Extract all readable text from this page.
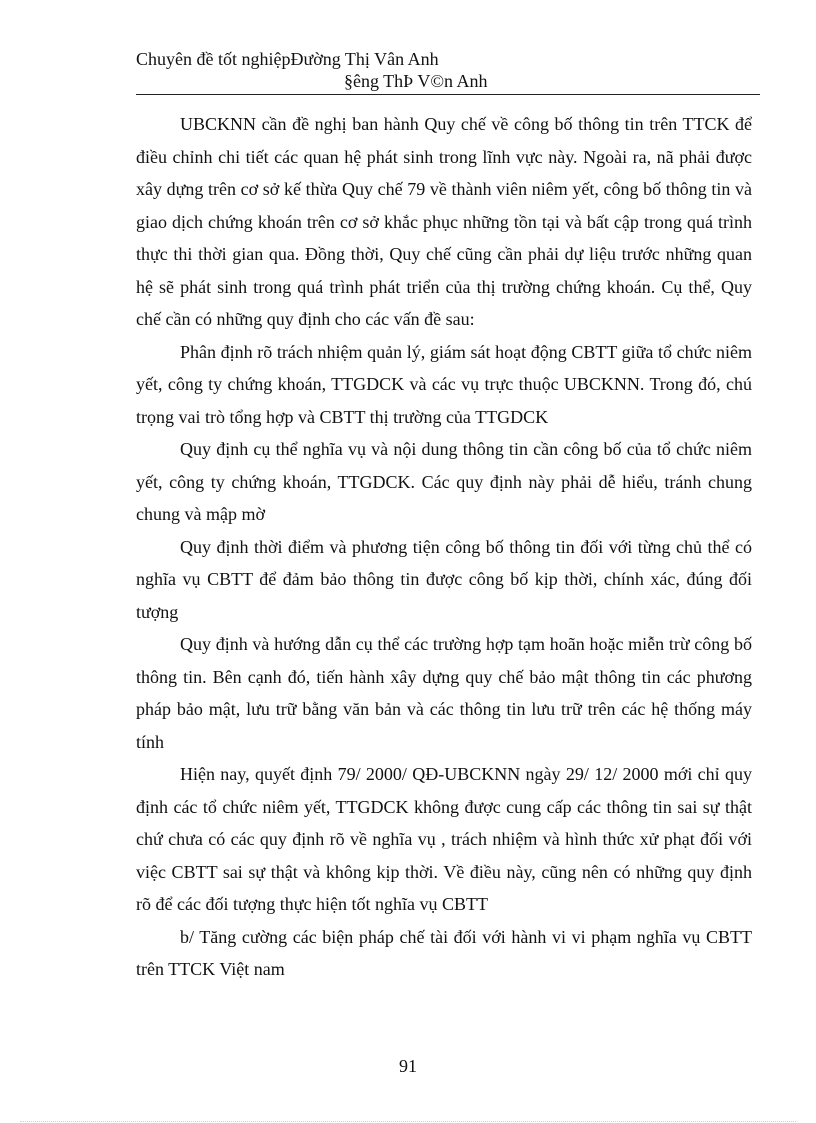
Chuyên đề tốt nghiệpĐường Thị Vân Anh
§êng ThÞ V©n Anh

UBCKNN cần đề nghị ban hành Quy chế về công bố thông tin trên TTCK để điều chỉnh chi tiết các quan hệ phát sinh trong lĩnh vực này. Ngoài ra, nã phải được xây dựng trên cơ sở kế thừa Quy chế 79 về thành viên niêm yết, công bố thông tin và giao dịch chứng khoán trên cơ sở khắc phục những tồn tại và bất cập trong quá trình thực thi thời gian qua. Đồng thời, Quy chế cũng cần phải dự liệu trước những quan hệ sẽ phát sinh trong quá trình phát triển của thị trường chứng khoán. Cụ thể, Quy chế cần có những quy định cho các vấn đề sau:

Phân định rõ trách nhiệm quản lý, giám sát hoạt động CBTT giữa tổ chức niêm yết, công ty chứng khoán, TTGDCK và các vụ trực thuộc UBCKNN. Trong đó, chú trọng vai trò tổng hợp và CBTT thị trường của TTGDCK

Quy định cụ thể nghĩa vụ và nội dung thông tin cần công bố của tổ chức niêm yết, công ty chứng khoán, TTGDCK. Các quy định này phải dễ hiểu, tránh chung chung và mập mờ

Quy định thời điểm và phương tiện công bố thông tin đối với từng chủ thể có nghĩa vụ CBTT để đảm bảo thông tin được công bố kịp thời, chính xác, đúng đối tượng

Quy định và hướng dẫn cụ thể các trường hợp tạm hoãn hoặc miễn trừ công bố thông tin. Bên cạnh đó, tiến hành xây dựng quy chế bảo mật thông tin các phương pháp bảo mật, lưu trữ bằng văn bản và các thông tin lưu trữ trên các hệ thống máy tính

Hiện nay, quyết định 79/ 2000/ QĐ-UBCKNN ngày 29/ 12/ 2000 mới chỉ quy định các tổ chức niêm yết, TTGDCK không được cung cấp các thông tin sai sự thật chứ chưa có các quy định rõ về nghĩa vụ , trách nhiệm và hình thức xử phạt đối với việc CBTT sai sự thật và không kịp thời. Về điều này, cũng nên có những quy định rõ để các đối tượng thực hiện tốt nghĩa vụ CBTT

b/ Tăng cường các biện pháp chế tài đối với hành vi vi phạm nghĩa vụ CBTT trên TTCK Việt nam

91
